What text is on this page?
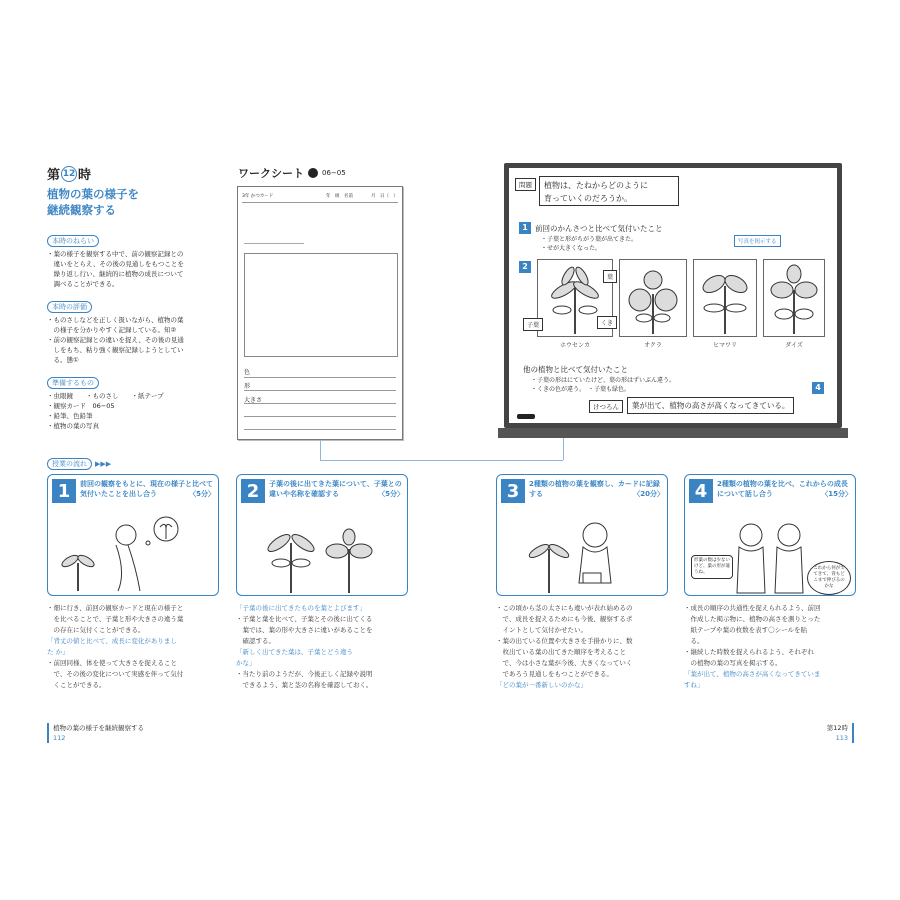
第 12 時
植物の葉の様子を
継続観察する
本時のねらい
・葉の様子を観察する中で、前の観察記録との
　違いをとらえ、その後の見通しをもつことを
　繰り返し行い、継続的に植物の成長について
　調べることができる。
本時の評価
・ものさしなどを正しく扱いながら、植物の葉
　の様子を分かりやすく記録している。知②
・前の観察記録との違いを捉え、その後の見通
　しをもち、粘り強く観察記録しようとしてい
　る。態①
準備するもの
・虫眼鏡　　・ものさし　　・紙テープ
・観察カード　06−05
・鉛筆、色鉛筆
・植物の葉の写真
ワークシート	06−05
3年 かつカード	年　組　名前　　　　月　日（　）
色
形
大きさ
問題	植物は、たねからどのように
育っていくのだろうか。
1 前回のかんさつと比べて気付いたこと
・子葉と形がちがう葉が出てきた。
・せが大きくなった。
写真を掲示する
2
葉
子葉	くき
ホウセンカ	オクラ	ヒマワリ	ダイズ
他の植物と比べて気付いたこと
・子葉の形はにていたけど、葉の形はずいぶん違う。
・くきの色が違う。　・子葉も緑色。	4
けつろん	葉が出て、植物の高さが高くなってきている。
授業の流れ	▶▶▶
1	前回の観察をもとに、現在の様子と比べて気付いたことを出し合う	〈5分〉

・畑に行き、前回の観察カードと現在の様子と

　を比べることで、子葉と形や大きさの違う葉

　の存在に気付くことができる。

「背丈の値と比べて、成長に変化がありまし

た か」

・前回同様、体を使って大きさを捉えること

　で、その後の変化について実感を伴って気付

　くことができる。

2	子葉の後に出てきた葉について、子葉との違いや名称を確認する	〈5分〉

「子葉の後に出てきたものを葉とよびます」

・子葉と葉を比べて、子葉とその後に出てくる

　葉では、葉の形や大きさに違いがあることを

　確認する。

「新しく出てきた葉は、子葉とどう違う

かな」

・当たり前のようだが、今後正しく記録や説明

　できるよう、葉と茎の名称を確認しておく。

3	2種類の植物の葉を観察し、カードに記録する	〈20分〉

・この頃から茎の太さにも違いが表れ始めるの

　で、成長を捉えるためにも今後、観察するポ

　イントとして気付かせたい。

・葉の出ている位置や大きさを手掛かりに、数

　枚出ている葉の出てきた順序を考えること

　で、今は小さな葉が今後、大きくなっていく

　であろう見通しをもつことができる。

「どの葉が一番新しいのかな」

4	2種類の植物の葉を比べ、これからの成長について話し合う	〈15分〉
形葉の数は少ないけど、葉の形が違うね。
これから何がでてきて、背もどこまで伸びるのかな

・成長の順序の共通性を捉えられるよう、前回

　作成した掲示物に、植物の高さを測りとった

　紙テープや葉の枚数を表す〇シールを貼

　る。

・継続した時数を捉えられるよう、それぞれ

　の植物の葉の写真を掲示する。

「葉が出て、植物の高さが高くなってきていま

すね」

植物の葉の様子を継続観察する
112
第12時
113
